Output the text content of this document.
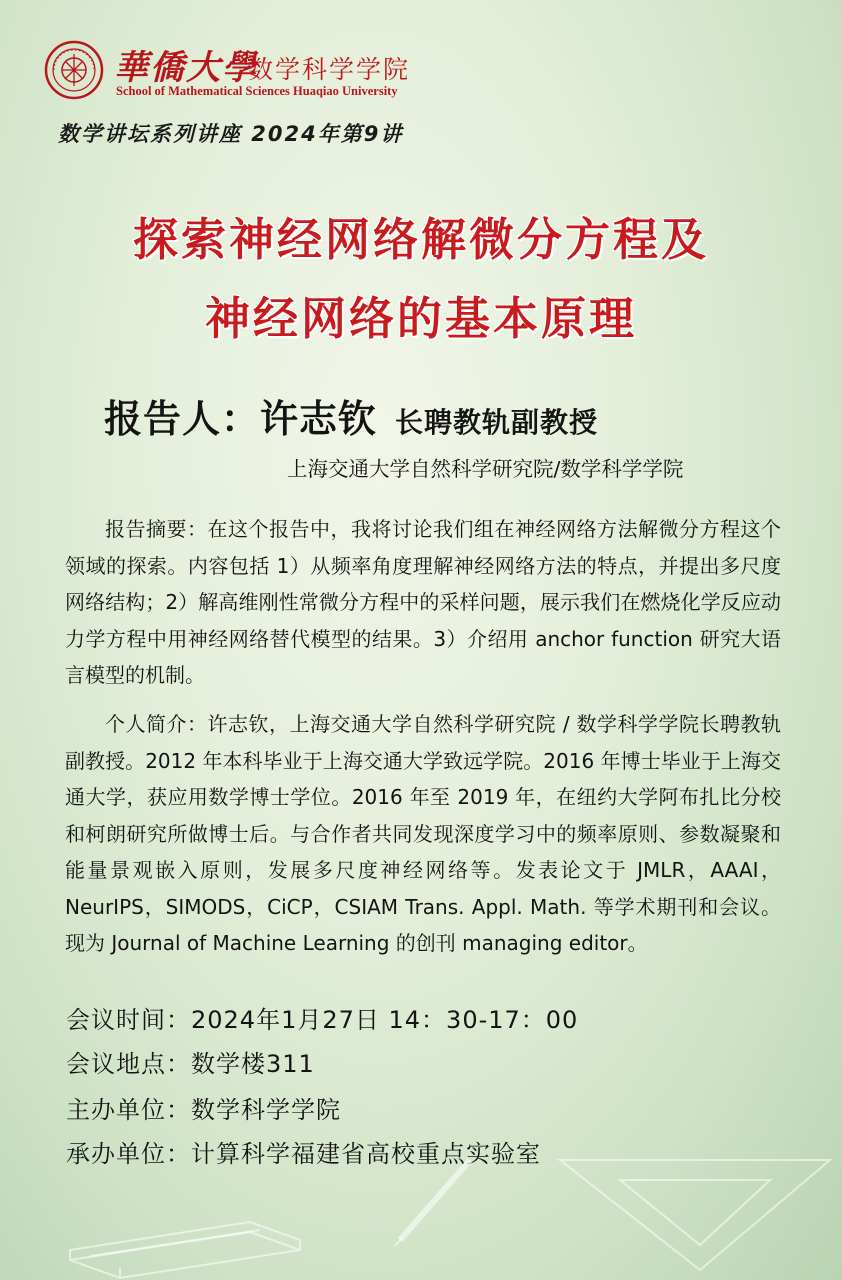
華僑大學
数学科学学院
School of Mathematical Sciences Huaqiao University
数学讲坛系列讲座 2024年第9讲
探索神经网络解微分方程及
神经网络的基本原理
报告人：许志钦 长聘教轨副教授
上海交通大学自然科学研究院/数学科学学院

报告摘要：在这个报告中，我将讨论我们组在神经网络方法解微分方程这个领域的探索。内容包括 1）从频率角度理解神经网络方法的特点，并提出多尺度网络结构；2）解高维刚性常微分方程中的采样问题，展示我们在燃烧化学反应动力学方程中用神经网络替代模型的结果。3）介绍用 anchor function 研究大语言模型的机制。

个人简介：许志钦，上海交通大学自然科学研究院 / 数学科学学院长聘教轨副教授。2012 年本科毕业于上海交通大学致远学院。2016 年博士毕业于上海交通大学，获应用数学博士学位。2016 年至 2019 年，在纽约大学阿布扎比分校和柯朗研究所做博士后。与合作者共同发现深度学习中的频率原则、参数凝聚和能量景观嵌入原则，发展多尺度神经网络等。发表论文于 JMLR，AAAI，NeurIPS，SIMODS，CiCP，CSIAM Trans. Appl. Math. 等学术期刊和会议。现为 Journal of Machine Learning 的创刊 managing editor。

会议时间：2024年1月27日 14：30-17：00
会议地点：数学楼311
主办单位：数学科学学院
承办单位：计算科学福建省高校重点实验室
